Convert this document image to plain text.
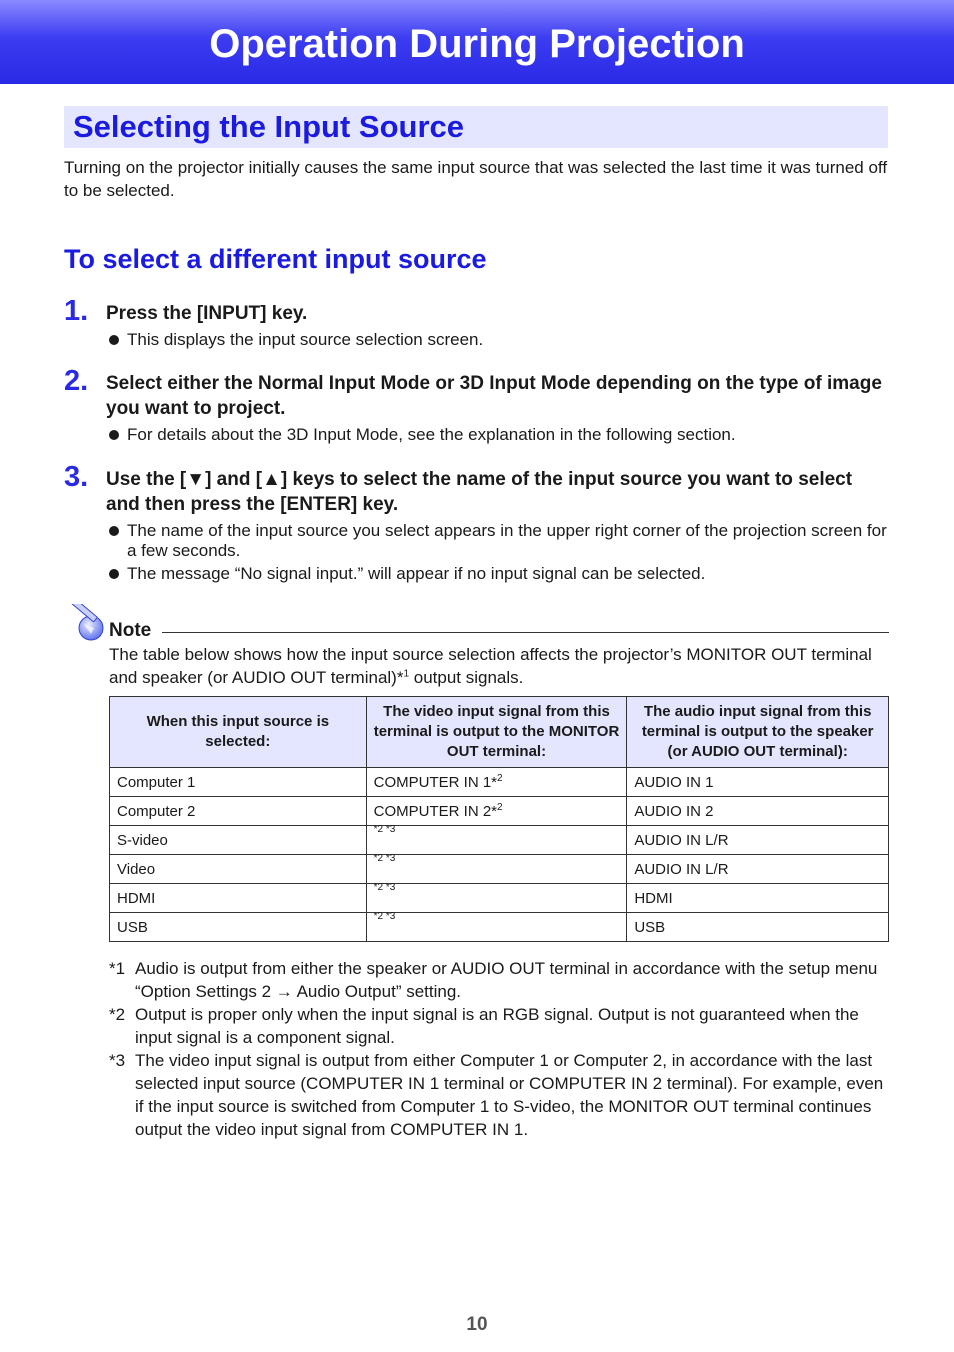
Operation During Projection
Selecting the Input Source
Turning on the projector initially causes the same input source that was selected the last time it was turned off to be selected.
To select a different input source
1. Press the [INPUT] key.
This displays the input source selection screen.
2. Select either the Normal Input Mode or 3D Input Mode depending on the type of image you want to project.
For details about the 3D Input Mode, see the explanation in the following section.
3. Use the [▼] and [▲] keys to select the name of the input source you want to select and then press the [ENTER] key.
The name of the input source you select appears in the upper right corner of the projection screen for a few seconds.
The message “No signal input.” will appear if no input signal can be selected.
Note
The table below shows how the input source selection affects the projector’s MONITOR OUT terminal and speaker (or AUDIO OUT terminal)*$^1$ output signals.
When this input source is selected:	The video input signal from this terminal is output to the MONITOR OUT terminal:	The audio input signal from this terminal is output to the speaker (or AUDIO OUT terminal):
Computer 1	COMPUTER IN 1*$^2$	AUDIO IN 1
Computer 2	COMPUTER IN 2*$^2$	AUDIO IN 2
S-video	*2 *3	AUDIO IN L/R
Video	*2 *3	AUDIO IN L/R
HDMI	*2 *3	HDMI
USB	*2 *3	USB
*1 Audio is output from either the speaker or AUDIO OUT terminal in accordance with the setup menu “Option Settings 2 → Audio Output” setting.
*2 Output is proper only when the input signal is an RGB signal. Output is not guaranteed when the input signal is a component signal.
*3 The video input signal is output from either Computer 1 or Computer 2, in accordance with the last selected input source (COMPUTER IN 1 terminal or COMPUTER IN 2 terminal). For example, even if the input source is switched from Computer 1 to S-video, the MONITOR OUT terminal continues output the video input signal from COMPUTER IN 1.
10
